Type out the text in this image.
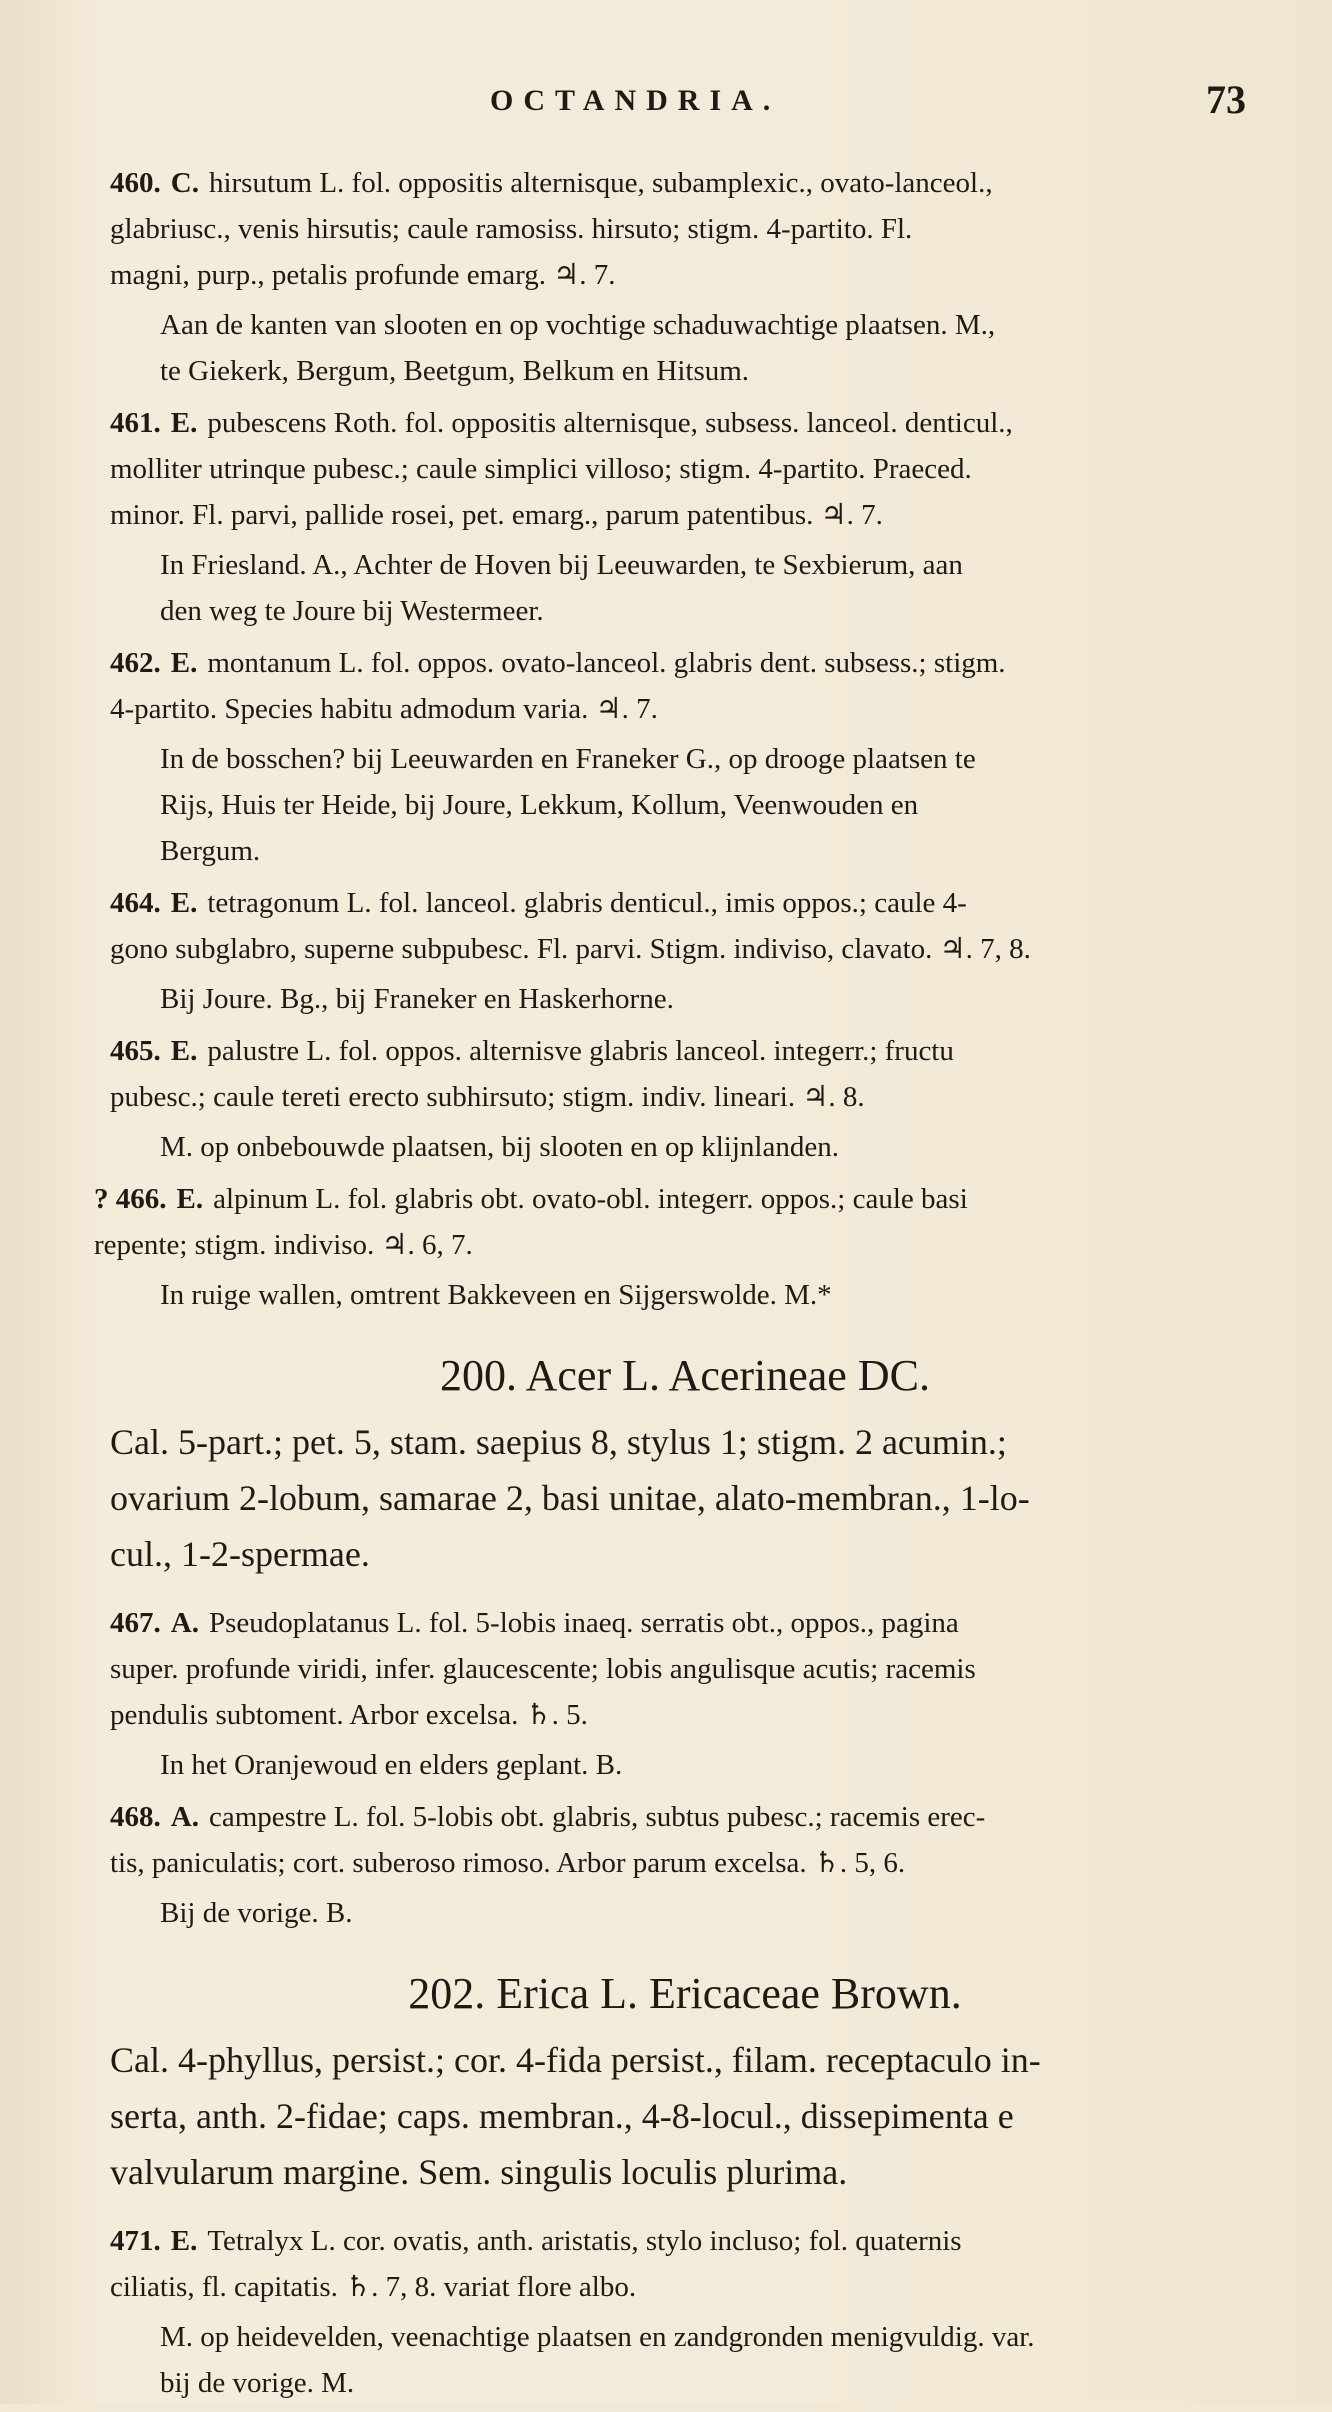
OCTANDRIA.	73
460. C. hirsutum L. fol. oppositis alternisque, subamplexic., ovato-lanceol.,
glabriusc., venis hirsutis; caule ramosiss. hirsuto; stigm. 4-partito. Fl.
magni, purp., petalis profunde emarg. ♃. 7.

Aan de kanten van slooten en op vochtige schaduwachtige plaatsen. M.,
te Giekerk, Bergum, Beetgum, Belkum en Hitsum.

461. E. pubescens Roth. fol. oppositis alternisque, subsess. lanceol. denticul.,
molliter utrinque pubesc.; caule simplici villoso; stigm. 4-partito. Praeced.
minor. Fl. parvi, pallide rosei, pet. emarg., parum patentibus. ♃. 7.

In Friesland. A., Achter de Hoven bij Leeuwarden, te Sexbierum, aan
den weg te Joure bij Westermeer.

462. E. montanum L. fol. oppos. ovato-lanceol. glabris dent. subsess.; stigm.
4-partito. Species habitu admodum varia. ♃. 7.

In de bosschen? bij Leeuwarden en Franeker G., op drooge plaatsen te
Rijs, Huis ter Heide, bij Joure, Lekkum, Kollum, Veenwouden en
Bergum.

464. E. tetragonum L. fol. lanceol. glabris denticul., imis oppos.; caule 4-
gono subglabro, superne subpubesc. Fl. parvi. Stigm. indiviso, clavato. ♃. 7, 8.

Bij Joure. Bg., bij Franeker en Haskerhorne.

465. E. palustre L. fol. oppos. alternisve glabris lanceol. integerr.; fructu
pubesc.; caule tereti erecto subhirsuto; stigm. indiv. lineari. ♃. 8.

M. op onbebouwde plaatsen, bij slooten en op klijnlanden.

? 466. E. alpinum L. fol. glabris obt. ovato-obl. integerr. oppos.; caule basi
repente; stigm. indiviso. ♃. 6, 7.

In ruige wallen, omtrent Bakkeveen en Sijgerswolde. M.*

200. Acer L. Acerineae DC.
Cal. 5-part.; pet. 5, stam. saepius 8, stylus 1; stigm. 2 acumin.;
ovarium 2-lobum, samarae 2, basi unitae, alato-membran., 1-lo-
cul., 1-2-spermae.

467. A. Pseudoplatanus L. fol. 5-lobis inaeq. serratis obt., oppos., pagina
super. profunde viridi, infer. glaucescente; lobis angulisque acutis; racemis
pendulis subtoment. Arbor excelsa. ♄. 5.

In het Oranjewoud en elders geplant. B.

468. A. campestre L. fol. 5-lobis obt. glabris, subtus pubesc.; racemis erec-
tis, paniculatis; cort. suberoso rimoso. Arbor parum excelsa. ♄. 5, 6.

Bij de vorige. B.

202. Erica L. Ericaceae Brown.
Cal. 4-phyllus, persist.; cor. 4-fida persist., filam. receptaculo in-
serta, anth. 2-fidae; caps. membran., 4-8-locul., dissepimenta e
valvularum margine. Sem. singulis loculis plurima.

471. E. Tetralyx L. cor. ovatis, anth. aristatis, stylo incluso; fol. quaternis
ciliatis, fl. capitatis. ♄. 7, 8. variat flore albo.

M. op heidevelden, veenachtige plaatsen en zandgronden menigvuldig. var.
bij de vorige. M.
